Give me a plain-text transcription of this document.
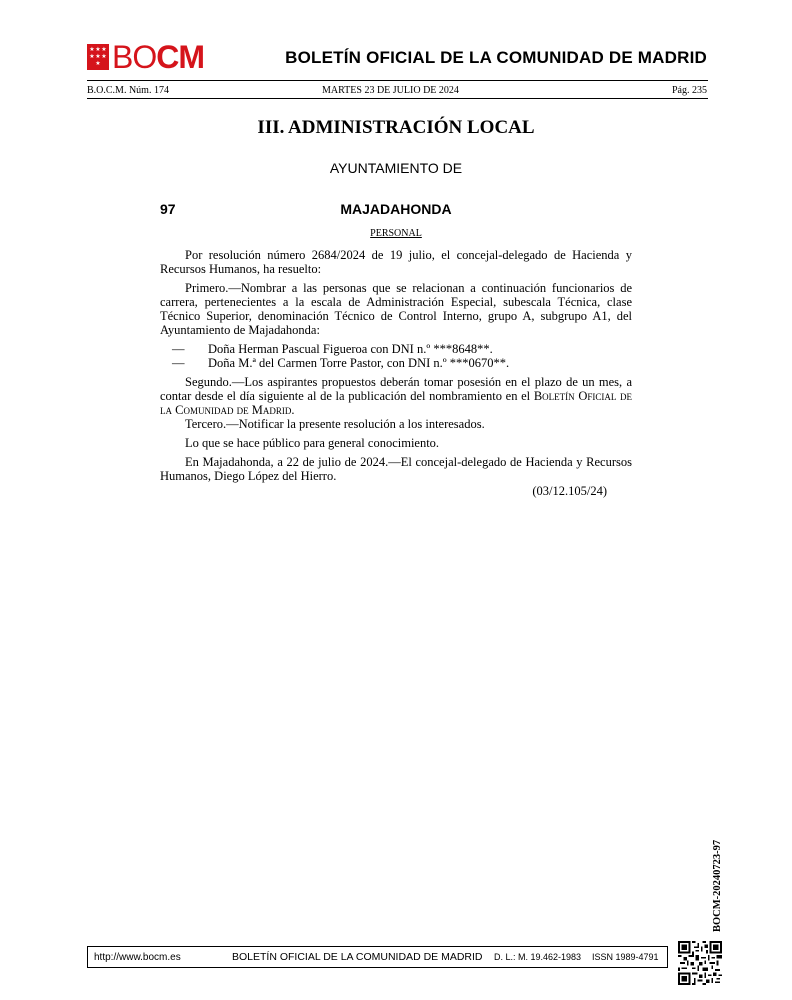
★ ★ ★
★ ★ ★
★ BOCM	BOLETÍN OFICIAL DE LA COMUNIDAD DE MADRID
B.O.C.M. Núm. 174	MARTES 23 DE JULIO DE 2024	Pág. 235
III. ADMINISTRACIÓN LOCAL
AYUNTAMIENTO DE
97	MAJADAHONDA
PERSONAL

Por resolución número 2684/2024 de 19 julio, el concejal-delegado de Hacienda y Recursos Humanos, ha resuelto:

Primero.—Nombrar a las personas que se relacionan a continuación funcionarios de carrera, pertenecientes a la escala de Administración Especial, subescala Técnica, clase Técnico Superior, denominación Técnico de Control Interno, grupo A, subgrupo A1, del Ayuntamiento de Majadahonda:

— Doña Herman Pascual Figueroa con DNI n.º ***8648**.

— Doña M.ª del Carmen Torre Pastor, con DNI n.º ***0670**.

Segundo.—Los aspirantes propuestos deberán tomar posesión en el plazo de un mes, a contar desde el día siguiente al de la publicación del nombramiento en el Boletín Oficial de la Comunidad de Madrid.

Tercero.—Notificar la presente resolución a los interesados.

Lo que se hace público para general conocimiento.

En Majadahonda, a 22 de julio de 2024.—El concejal-delegado de Hacienda y Recursos Humanos, Diego López del Hierro.

(03/12.105/24)
BOCM-20240723-97
http://www.bocm.es	BOLETÍN OFICIAL DE LA COMUNIDAD DE MADRID	D. L.: M. 19.462-1983	ISSN 1989-4791
